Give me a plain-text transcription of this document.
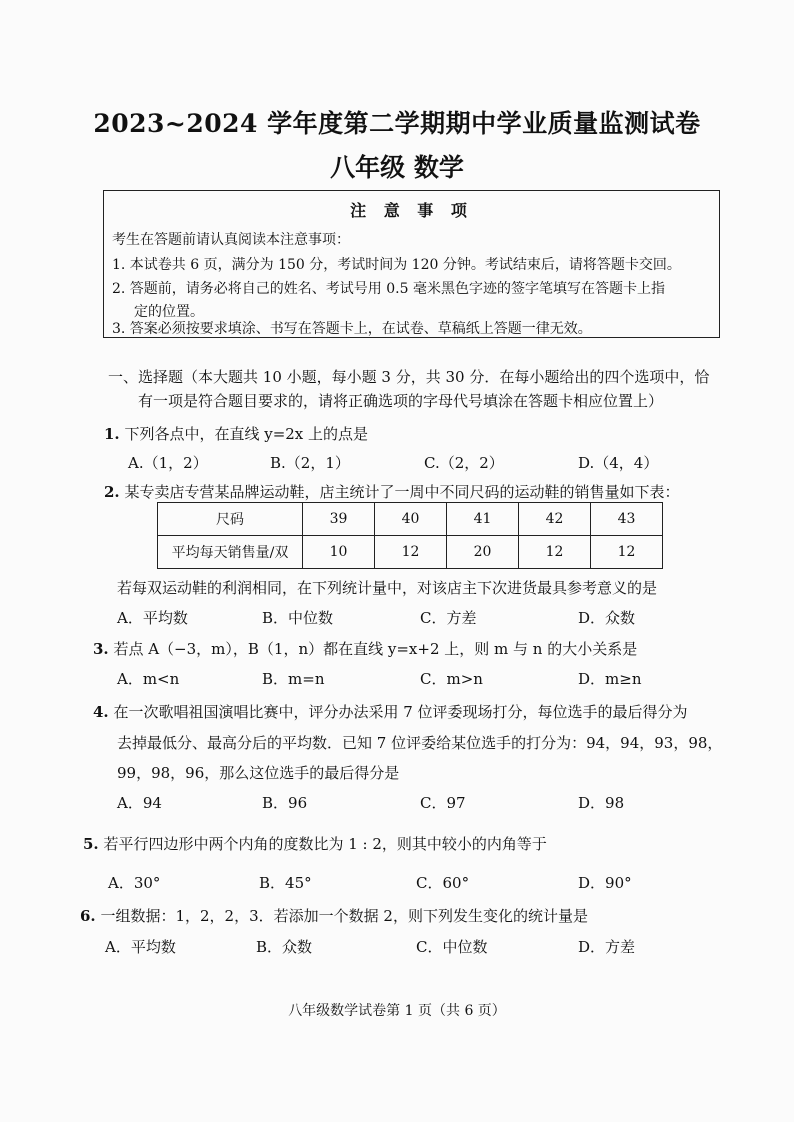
2023~2024 学年度第二学期期中学业质量监测试卷
八年级 数学
注 意 事 项
考生在答题前请认真阅读本注意事项：
1. 本试卷共 6 页，满分为 150 分，考试时间为 120 分钟。考试结束后，请将答题卡交回。
2. 答题前，请务必将自己的姓名、考试号用 0.5 毫米黑色字迹的签字笔填写在答题卡上指
定的位置。
3. 答案必须按要求填涂、书写在答题卡上，在试卷、草稿纸上答题一律无效。
一、选择题（本大题共 10 小题，每小题 3 分，共 30 分．在每小题给出的四个选项中，恰
有一项是符合题目要求的，请将正确选项的字母代号填涂在答题卡相应位置上）
1. 下列各点中，在直线 y=2x 上的点是
A.（1，2）	B.（2，1）	C.（2，2）	D.（4，4）
2. 某专卖店专营某品牌运动鞋，店主统计了一周中不同尺码的运动鞋的销售量如下表：
尺码	39	40	41	42	43
平均每天销售量/双	10	12	20	12	12
若每双运动鞋的利润相同，在下列统计量中，对该店主下次进货最具参考意义的是
A．平均数	B．中位数	C．方差	D．众数
3. 若点 A（−3，m），B（1，n）都在直线 y=x+2 上，则 m 与 n 的大小关系是
A．m<n	B．m=n	C．m>n	D．m≥n
4. 在一次歌唱祖国演唱比赛中，评分办法采用 7 位评委现场打分，每位选手的最后得分为
去掉最低分、最高分后的平均数．已知 7 位评委给某位选手的打分为：94，94，93，98，
99，98，96，那么这位选手的最后得分是
A．94	B．96	C．97	D．98
5. 若平行四边形中两个内角的度数比为 1 : 2，则其中较小的内角等于
A．30°	B．45°	C．60°	D．90°
6. 一组数据：1，2，2，3．若添加一个数据 2，则下列发生变化的统计量是
A．平均数	B．众数	C．中位数	D．方差
八年级数学试卷第 1 页（共 6 页）
